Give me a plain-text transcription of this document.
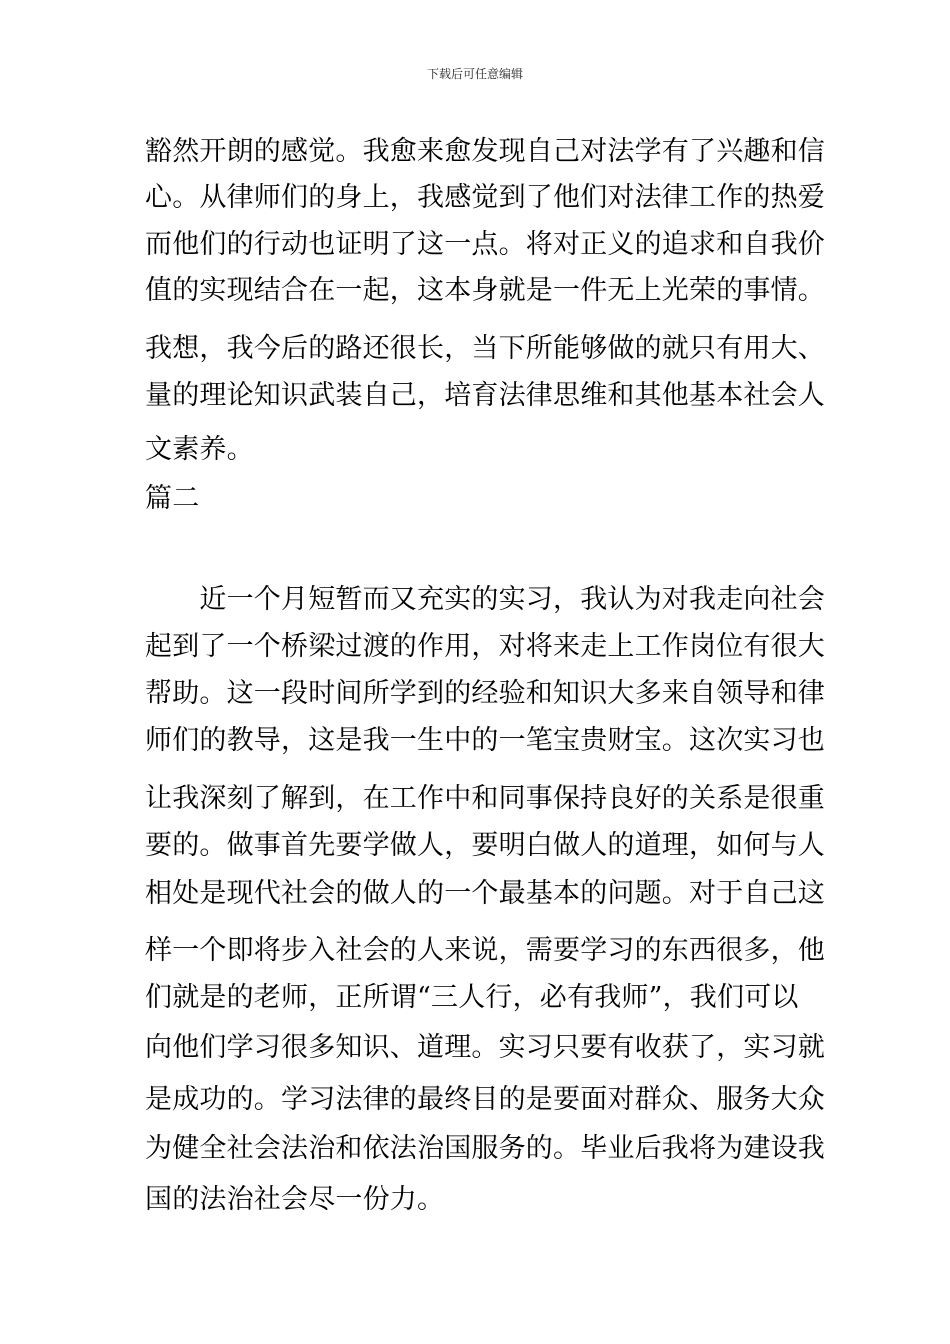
下载后可任意编辑
豁然开朗的感觉。我愈来愈发现自己对法学有了兴趣和信
心。从律师们的身上，我感觉到了他们对法律工作的热爱
而他们的行动也证明了这一点。将对正义的追求和自我价
值的实现结合在一起，这本身就是一件无上光荣的事情。
我想，我今后的路还很长，当下所能够做的就只有用大、
量的理论知识武装自己，培育法律思维和其他基本社会人
文素养。
篇二
　　近一个月短暂而又充实的实习，我认为对我走向社会
起到了一个桥梁过渡的作用，对将来走上工作岗位有很大
帮助。这一段时间所学到的经验和知识大多来自领导和律
师们的教导，这是我一生中的一笔宝贵财宝。这次实习也
让我深刻了解到，在工作中和同事保持良好的关系是很重
要的。做事首先要学做人，要明白做人的道理，如何与人
相处是现代社会的做人的一个最基本的问题。对于自己这
样一个即将步入社会的人来说，需要学习的东西很多，他
们就是的老师，正所谓“三人行，必有我师”，我们可以
向他们学习很多知识、道理。实习只要有收获了，实习就
是成功的。学习法律的最终目的是要面对群众、服务大众
为健全社会法治和依法治国服务的。毕业后我将为建设我
国的法治社会尽一份力。
